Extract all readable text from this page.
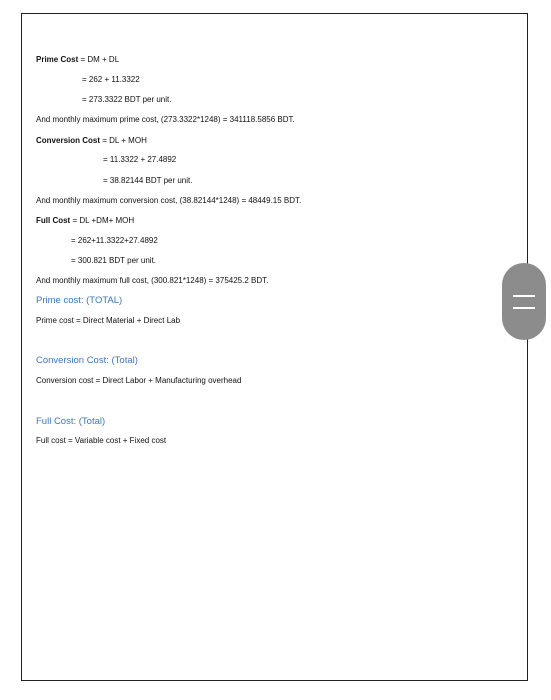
Prime Cost = DM + DL
= 262 + 11.3322
= 273.3322 BDT per unit.
And monthly maximum prime cost, (273.3322*1248) = 341118.5856 BDT.
Conversion Cost = DL + MOH
= 11.3322 + 27.4892
= 38.82144 BDT per unit.
And monthly maximum conversion cost, (38.82144*1248) = 48449.15 BDT.
Full Cost = DL +DM+ MOH
= 262+11.3322+27.4892
= 300.821 BDT per unit.
And monthly maximum full cost, (300.821*1248) = 375425.2 BDT.
Prime cost: (TOTAL)
Prime cost = Direct Material + Direct Lab
Conversion Cost: (Total)
Conversion cost = Direct Labor + Manufacturing overhead
Full Cost: (Total)
Full cost = Variable cost + Fixed cost
